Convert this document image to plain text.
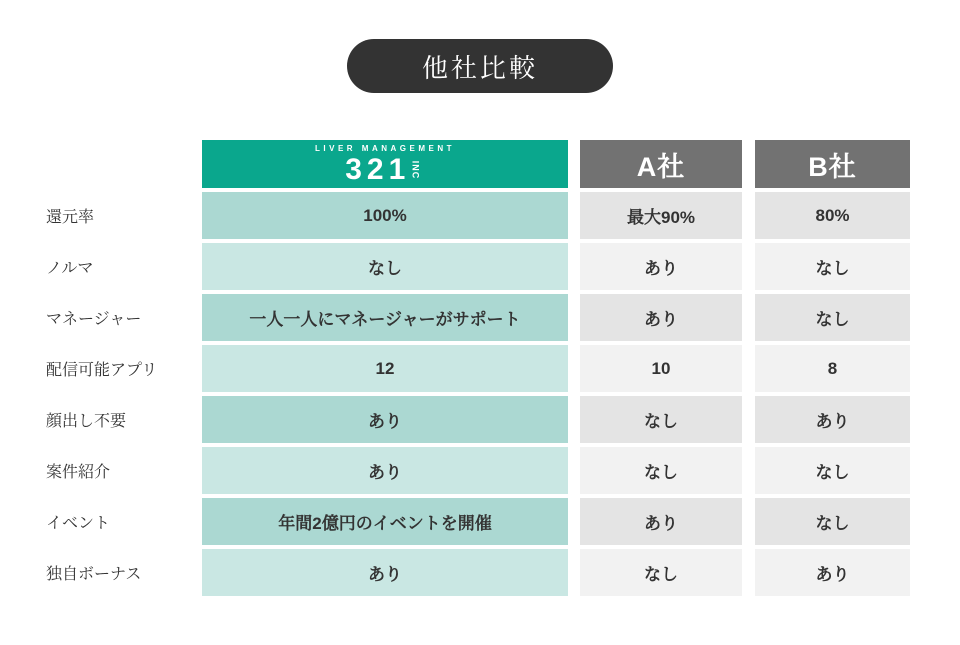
他社比較
還元率
ノルマ
マネージャー
配信可能アプリ
顔出し不要
案件紹介
イベント
独自ボーナス
LIVER MANAGEMENT
321 INC
100%
なし
一人一人にマネージャーがサポート
12
あり
あり
年間2億円のイベントを開催
あり
A社
最大90%
あり
あり
10
なし
なし
あり
なし
B社
80%
なし
なし
8
あり
なし
なし
あり
